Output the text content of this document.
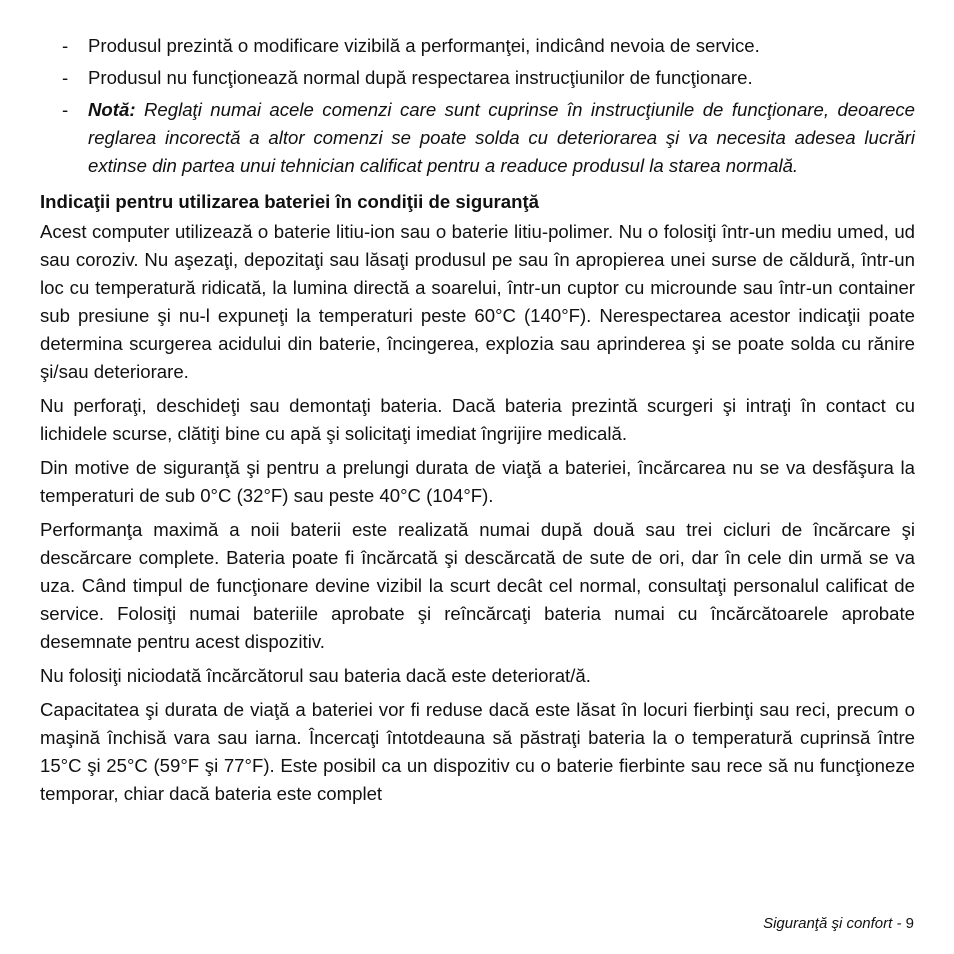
-	Produsul prezintă o modificare vizibilă a performanţei, indicând nevoia de service.
-	Produsul nu funcţionează normal după respectarea instrucţiunilor de funcţionare.
-	Notă: Reglaţi numai acele comenzi care sunt cuprinse în instrucţiunile de funcţionare, deoarece reglarea incorectă a altor comenzi se poate solda cu deteriorarea şi va necesita adesea lucrări extinse din partea unui tehnician calificat pentru a readuce produsul la starea normală.
Indicaţii pentru utilizarea bateriei în condiţii de siguranţă

Acest computer utilizează o baterie litiu-ion sau o baterie litiu-polimer. Nu o folosiţi într-un mediu umed, ud sau coroziv. Nu aşezaţi, depozitaţi sau lăsaţi produsul pe sau în apropierea unei surse de căldură, într-un loc cu temperatură ridicată, la lumina directă a soarelui, într-un cuptor cu microunde sau într-un container sub presiune şi nu-l expuneţi la temperaturi peste 60°C (140°F). Nerespectarea acestor indicaţii poate determina scurgerea acidului din baterie, încingerea, explozia sau aprinderea şi se poate solda cu rănire şi/sau deteriorare.

Nu perforaţi, deschideţi sau demontaţi bateria. Dacă bateria prezintă scurgeri şi intraţi în contact cu lichidele scurse, clătiţi bine cu apă şi solicitaţi imediat îngrijire medicală.

Din motive de siguranţă şi pentru a prelungi durata de viaţă a bateriei, încărcarea nu se va desfăşura la temperaturi de sub 0°C (32°F) sau peste 40°C (104°F).

Performanţa maximă a noii baterii este realizată numai după două sau trei cicluri de încărcare şi descărcare complete. Bateria poate fi încărcată şi descărcată de sute de ori, dar în cele din urmă se va uza. Când timpul de funcţionare devine vizibil la scurt decât cel normal, consultaţi personalul calificat de service. Folosiţi numai bateriile aprobate şi reîncărcaţi bateria numai cu încărcătoarele aprobate desemnate pentru acest dispozitiv.

Nu folosiţi niciodată încărcătorul sau bateria dacă este deteriorat/ă.

Capacitatea şi durata de viaţă a bateriei vor fi reduse dacă este lăsat în locuri fierbinţi sau reci, precum o maşină închisă vara sau iarna. Încercaţi întotdeauna să păstraţi bateria la o temperatură cuprinsă între 15°C şi 25°C (59°F şi 77°F). Este posibil ca un dispozitiv cu o baterie fierbinte sau rece să nu funcţioneze temporar, chiar dacă bateria este complet

Siguranţă şi confort - 9
